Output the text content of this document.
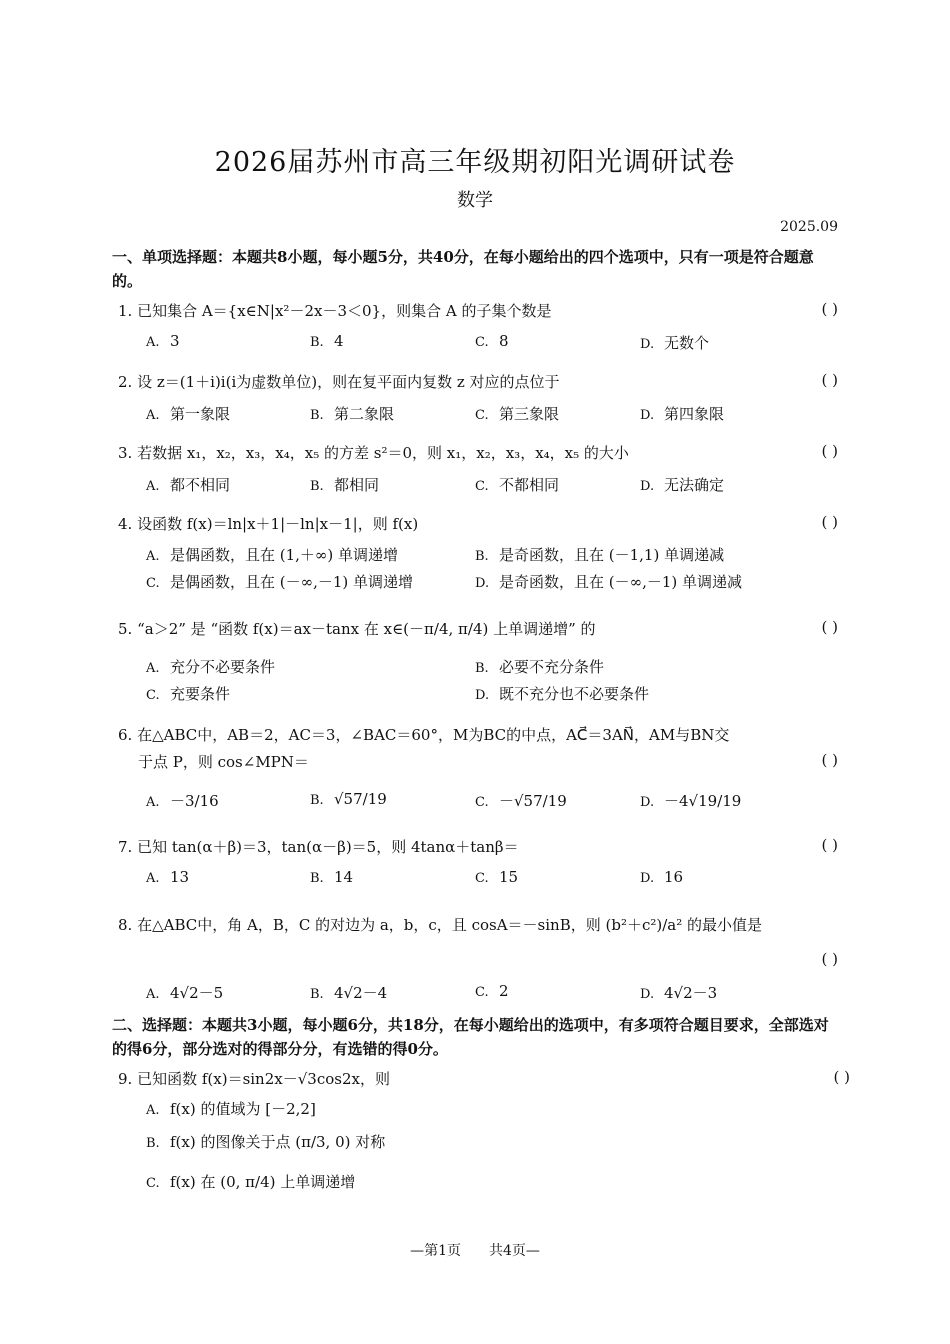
2026届苏州市高三年级期初阳光调研试卷
数学
2025.09
一、单项选择题：本题共8小题，每小题5分，共40分，在每小题给出的四个选项中，只有一项是符合题意的。
1. 已知集合 A＝{x∈N|x²－2x－3＜0}，则集合 A 的子集个数是	( )
A. 3	B. 4	C. 8	D. 无数个
2. 设 z＝(1＋i)i(i为虚数单位)，则在复平面内复数 z 对应的点位于	( )
A. 第一象限	B. 第二象限	C. 第三象限	D. 第四象限
3. 若数据 x₁，x₂，x₃，x₄，x₅ 的方差 s²＝0，则 x₁，x₂，x₃，x₄，x₅ 的大小	( )
A. 都不相同	B. 都相同	C. 不都相同	D. 无法确定
4. 设函数 f(x)＝ln|x＋1|－ln|x－1|，则 f(x)	( )
A. 是偶函数，且在 (1,＋∞) 单调递增	B. 是奇函数，且在 (－1,1) 单调递减
C. 是偶函数，且在 (－∞,－1) 单调递增	D. 是奇函数，且在 (－∞,－1) 单调递减
5. “a＞2” 是 “函数 f(x)＝ax－tanx 在 x∈(－π/4, π/4) 上单调递增” 的	( )
A. 充分不必要条件	B. 必要不充分条件
C. 充要条件	D. 既不充分也不必要条件
6. 在△ABC中，AB＝2，AC＝3，∠BAC＝60°，M为BC的中点，AC⃗＝3AN⃗，AM与BN交
于点 P，则 cos∠MPN＝	( )
A. －3/16	B. √57/19	C. －√57/19	D. －4√19/19
7. 已知 tan(α＋β)＝3，tan(α－β)＝5，则 4tanα＋tanβ＝	( )
A. 13	B. 14	C. 15	D. 16
8. 在△ABC中，角 A，B，C 的对边为 a，b，c，且 cosA＝－sinB，则 (b²＋c²)/a² 的最小值是
( )
A. 4√2－5	B. 4√2－4	C. 2	D. 4√2－3
二、选择题：本题共3小题，每小题6分，共18分，在每小题给出的选项中，有多项符合题目要求，全部选对的得6分，部分选对的得部分分，有选错的得0分。
9. 已知函数 f(x)＝sin2x－√3cos2x，则	( )
A. f(x) 的值域为 [－2,2]
B. f(x) 的图像关于点 (π/3, 0) 对称
C. f(x) 在 (0, π/4) 上单调递增
—第1页　　共4页—
